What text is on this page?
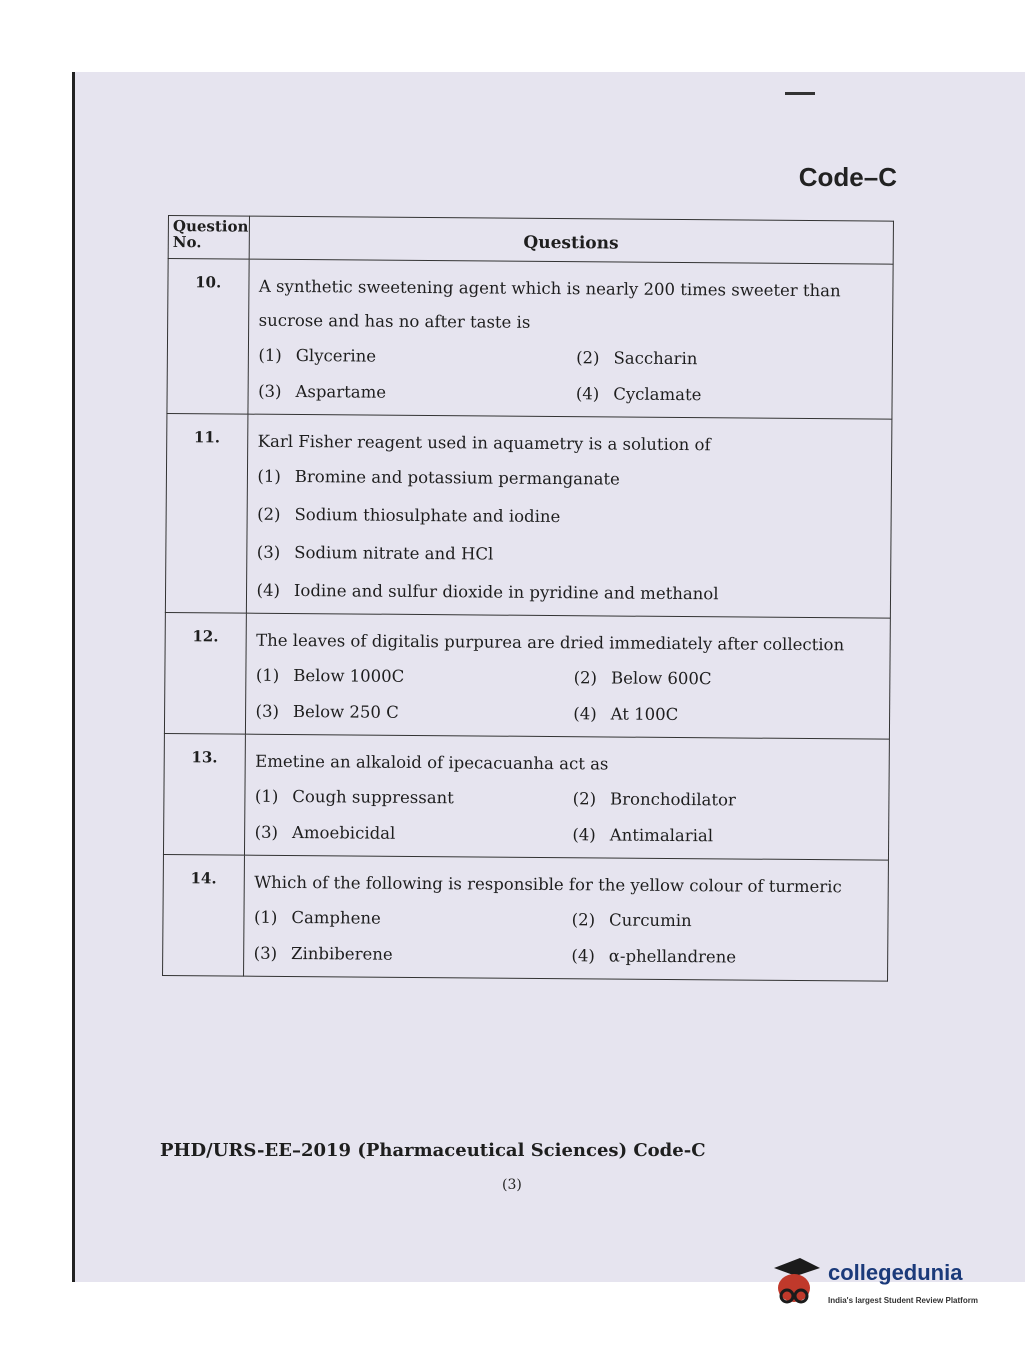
Code–C
Question No.	Questions
10.	A synthetic sweetening agent which is nearly 200 times sweeter than sucrose and has no after taste is
(1) Glycerine (2) Saccharin
(3) Aspartame (4) Cyclamate

11.	Karl Fisher reagent used in aquametry is a solution of
(1) Bromine and potassium permanganate
(2) Sodium thiosulphate and iodine
(3) Sodium nitrate and HCl
(4) Iodine and sulfur dioxide in pyridine and methanol

12.	The leaves of digitalis purpurea are dried immediately after collection
(1) Below 1000C (2) Below 600C
(3) Below 250 C (4) At 100C

13.	Emetine an alkaloid of ipecacuanha act as
(1) Cough suppressant (2) Bronchodilator
(3) Amoebicidal (4) Antimalarial

14.	Which of the following is responsible for the yellow colour of turmeric
(1) Camphene (2) Curcumin
(3) Zinbiberene (4) α-phellandrene
PHD/URS-EE–2019 (Pharmaceutical Sciences) Code-C
(3)
collegedunia
India's largest Student Review Platform
